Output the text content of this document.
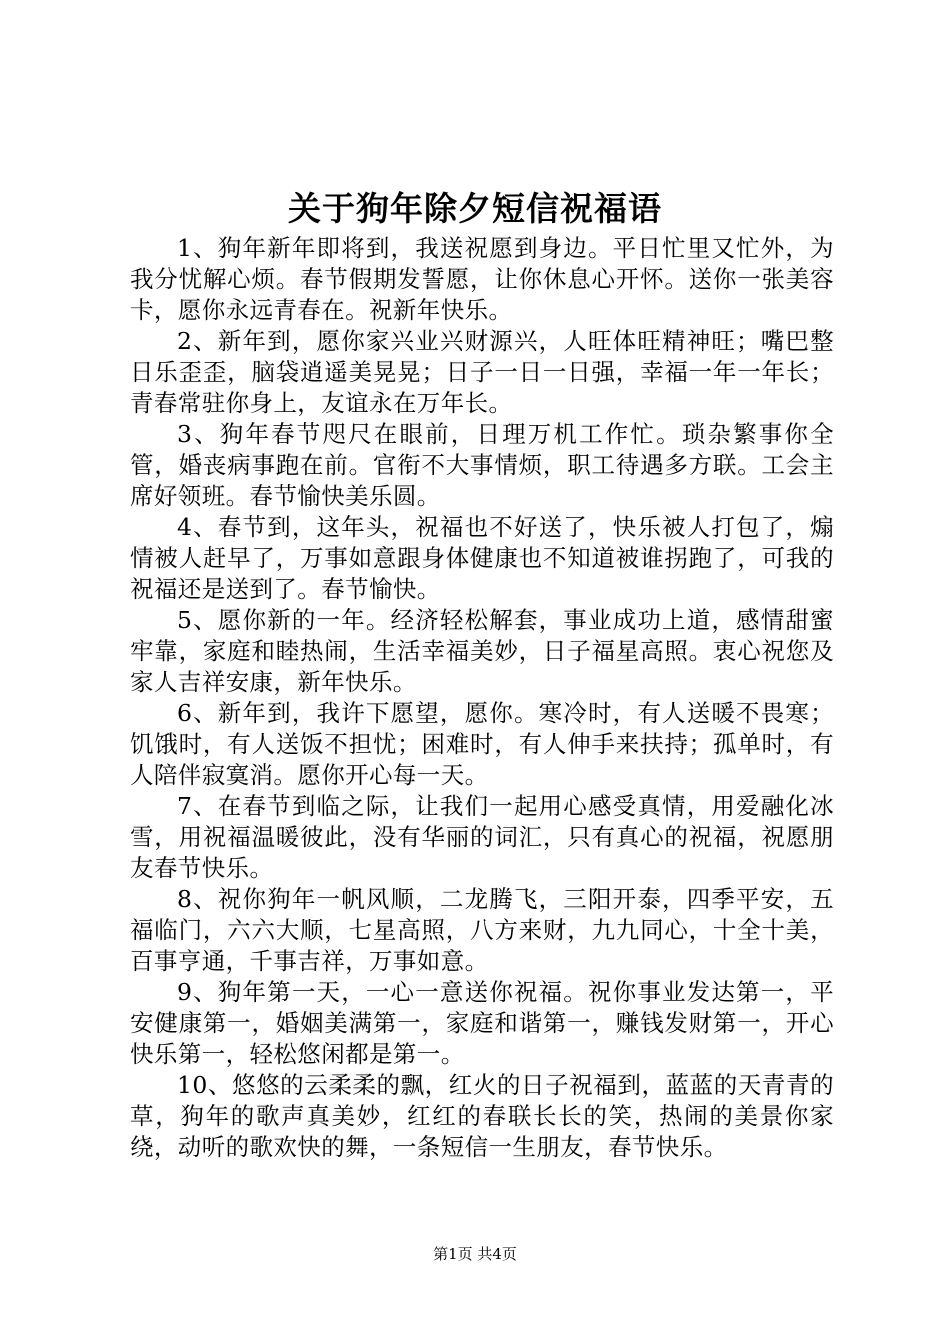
关于狗年除夕短信祝福语

1、狗年新年即将到，我送祝愿到身边。平日忙里又忙外，为我分忧解心烦。春节假期发誓愿，让你休息心开怀。送你一张美容卡，愿你永远青春在。祝新年快乐。

2、新年到，愿你家兴业兴财源兴，人旺体旺精神旺；嘴巴整日乐歪歪，脑袋逍遥美晃晃；日子一日一日强，幸福一年一年长；青春常驻你身上，友谊永在万年长。

3、狗年春节咫尺在眼前，日理万机工作忙。琐杂繁事你全管，婚丧病事跑在前。官衔不大事情烦，职工待遇多方联。工会主席好领班。春节愉快美乐圆。

4、春节到，这年头，祝福也不好送了，快乐被人打包了，煽情被人赶早了，万事如意跟身体健康也不知道被谁拐跑了，可我的祝福还是送到了。春节愉快。

5、愿你新的一年。经济轻松解套，事业成功上道，感情甜蜜牢靠，家庭和睦热闹，生活幸福美妙，日子福星高照。衷心祝您及家人吉祥安康，新年快乐。

6、新年到，我许下愿望，愿你。寒冷时，有人送暖不畏寒；饥饿时，有人送饭不担忧；困难时，有人伸手来扶持；孤单时，有人陪伴寂寞消。愿你开心每一天。

7、在春节到临之际，让我们一起用心感受真情，用爱融化冰雪，用祝福温暖彼此，没有华丽的词汇，只有真心的祝福，祝愿朋友春节快乐。

8、祝你狗年一帆风顺，二龙腾飞，三阳开泰，四季平安，五福临门，六六大顺，七星高照，八方来财，九九同心，十全十美，百事亨通，千事吉祥，万事如意。

9、狗年第一天，一心一意送你祝福。祝你事业发达第一，平安健康第一，婚姻美满第一，家庭和谐第一，赚钱发财第一，开心快乐第一，轻松悠闲都是第一。

10、悠悠的云柔柔的飘，红火的日子祝福到，蓝蓝的天青青的草，狗年的歌声真美妙，红红的春联长长的笑，热闹的美景你家绕，动听的歌欢快的舞，一条短信一生朋友，春节快乐。

第1页 共4页
